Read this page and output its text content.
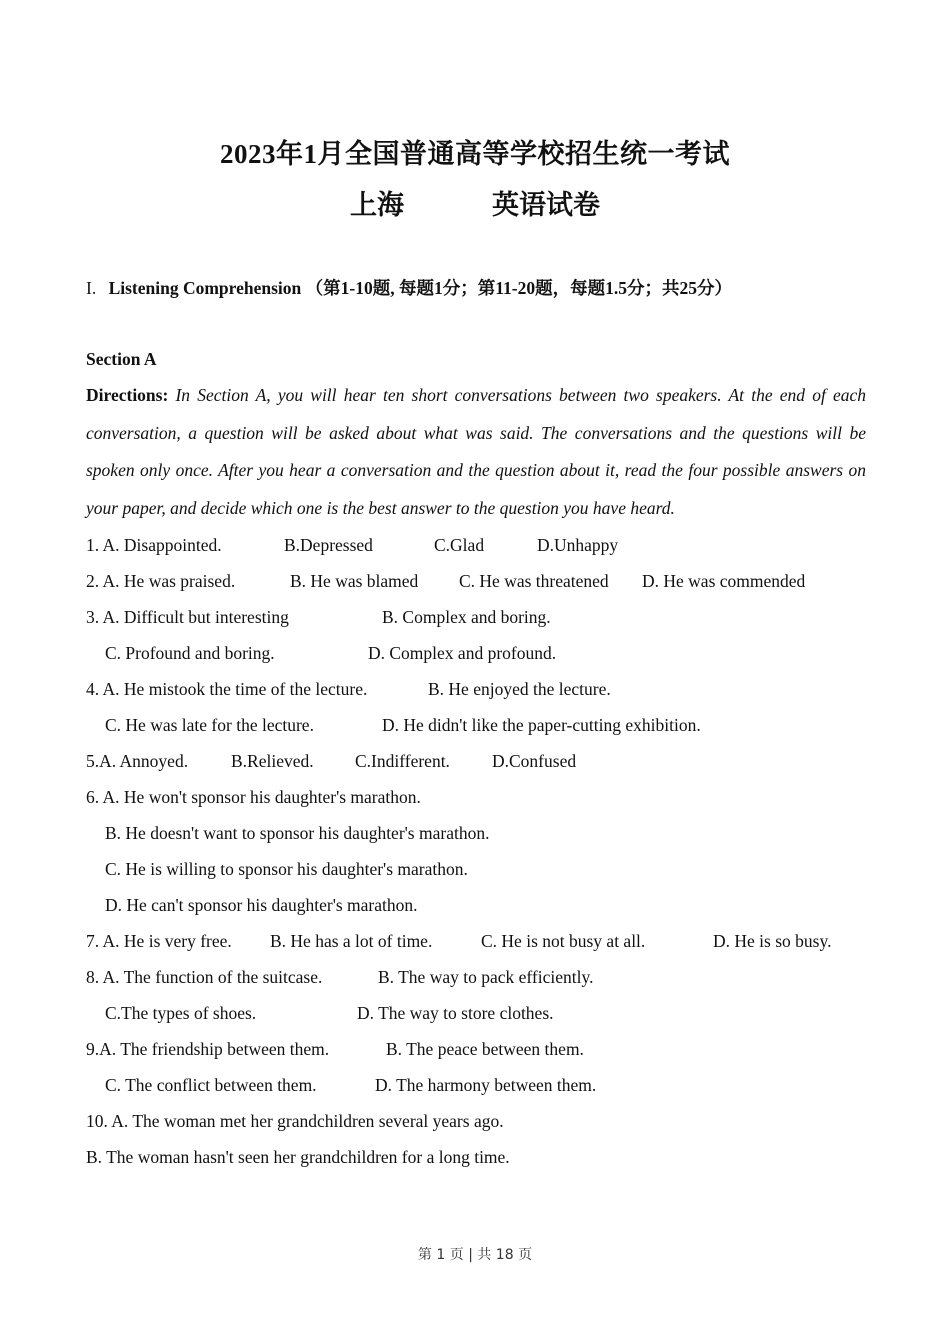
2023年1月全国普通高等学校招生统一考试
上海	英语试卷
I. Listening Comprehension （第1-10题, 每题1分；第11-20题，每题1.5分；共25分）
Section A
Directions: In Section A, you will hear ten short conversations between two speakers. At the end of each conversation, a question will be asked about what was said. The conversations and the questions will be spoken only once. After you hear a conversation and the question about it, read the four possible answers on your paper, and decide which one is the best answer to the question you have heard.
1. A. Disappointed.	B.Depressed	C.Glad	D.Unhappy
2. A. He was praised.	B. He was blamed C. He was threatened D. He was commended
3. A. Difficult but interesting	B. Complex and boring.
C. Profound and boring.	D. Complex and profound.
4. A. He mistook the time of the lecture.	B. He enjoyed the lecture.
C. He was late for the lecture.	D. He didn't like the paper-cutting exhibition.
5.A. Annoyed. B.Relieved. C.Indifferent. D.Confused
6. A. He won't sponsor his daughter's marathon.
B. He doesn't want to sponsor his daughter's marathon.
C. He is willing to sponsor his daughter's marathon.
D. He can't sponsor his daughter's marathon.
7. A. He is very free. B. He has a lot of time.	C. He is not busy at all.	D. He is so busy.
8. A. The function of the suitcase.	B. The way to pack efficiently.
C.The types of shoes.	D. The way to store clothes.
9.A. The friendship between them.	B. The peace between them.
C. The conflict between them.	D. The harmony between them.
10. A. The woman met her grandchildren several years ago.
B. The woman hasn't seen her grandchildren for a long time.
第 1 页 | 共 18 页
